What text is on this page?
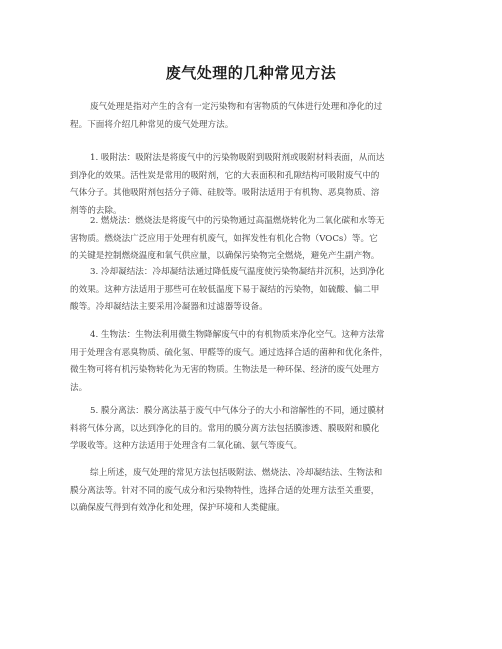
废气处理的几种常见方法
废气处理是指对产生的含有一定污染物和有害物质的气体进行处理和净化的过
程。下面将介绍几种常见的废气处理方法。
1. 吸附法：吸附法是将废气中的污染物吸附到吸附剂或吸附材料表面，从而达
到净化的效果。活性炭是常用的吸附剂，它的大表面积和孔隙结构可吸附废气中的
气体分子。其他吸附剂包括分子筛、硅胶等。吸附法适用于有机物、恶臭物质、溶
剂等的去除。
2. 燃烧法：燃烧法是将废气中的污染物通过高温燃烧转化为二氧化碳和水等无
害物质。燃烧法广泛应用于处理有机废气，如挥发性有机化合物（VOCs）等。它
的关键是控制燃烧温度和氧气供应量，以确保污染物完全燃烧，避免产生副产物。
3. 冷却凝结法：冷却凝结法通过降低废气温度使污染物凝结并沉积，达到净化
的效果。这种方法适用于那些可在较低温度下易于凝结的污染物，如硫酸、偏二甲
酸等。冷却凝结法主要采用冷凝器和过滤器等设备。
4. 生物法：生物法利用微生物降解废气中的有机物质来净化空气。这种方法常
用于处理含有恶臭物质、硫化氢、甲醛等的废气。通过选择合适的菌种和优化条件，
微生物可将有机污染物转化为无害的物质。生物法是一种环保、经济的废气处理方
法。
5. 膜分离法：膜分离法基于废气中气体分子的大小和溶解性的不同，通过膜材
料将气体分离，以达到净化的目的。常用的膜分离方法包括膜渗透、膜吸附和膜化
学吸收等。这种方法适用于处理含有二氧化硫、氨气等废气。
综上所述，废气处理的常见方法包括吸附法、燃烧法、冷却凝结法、生物法和
膜分离法等。针对不同的废气成分和污染物特性，选择合适的处理方法至关重要，
以确保废气得到有效净化和处理，保护环境和人类健康。
